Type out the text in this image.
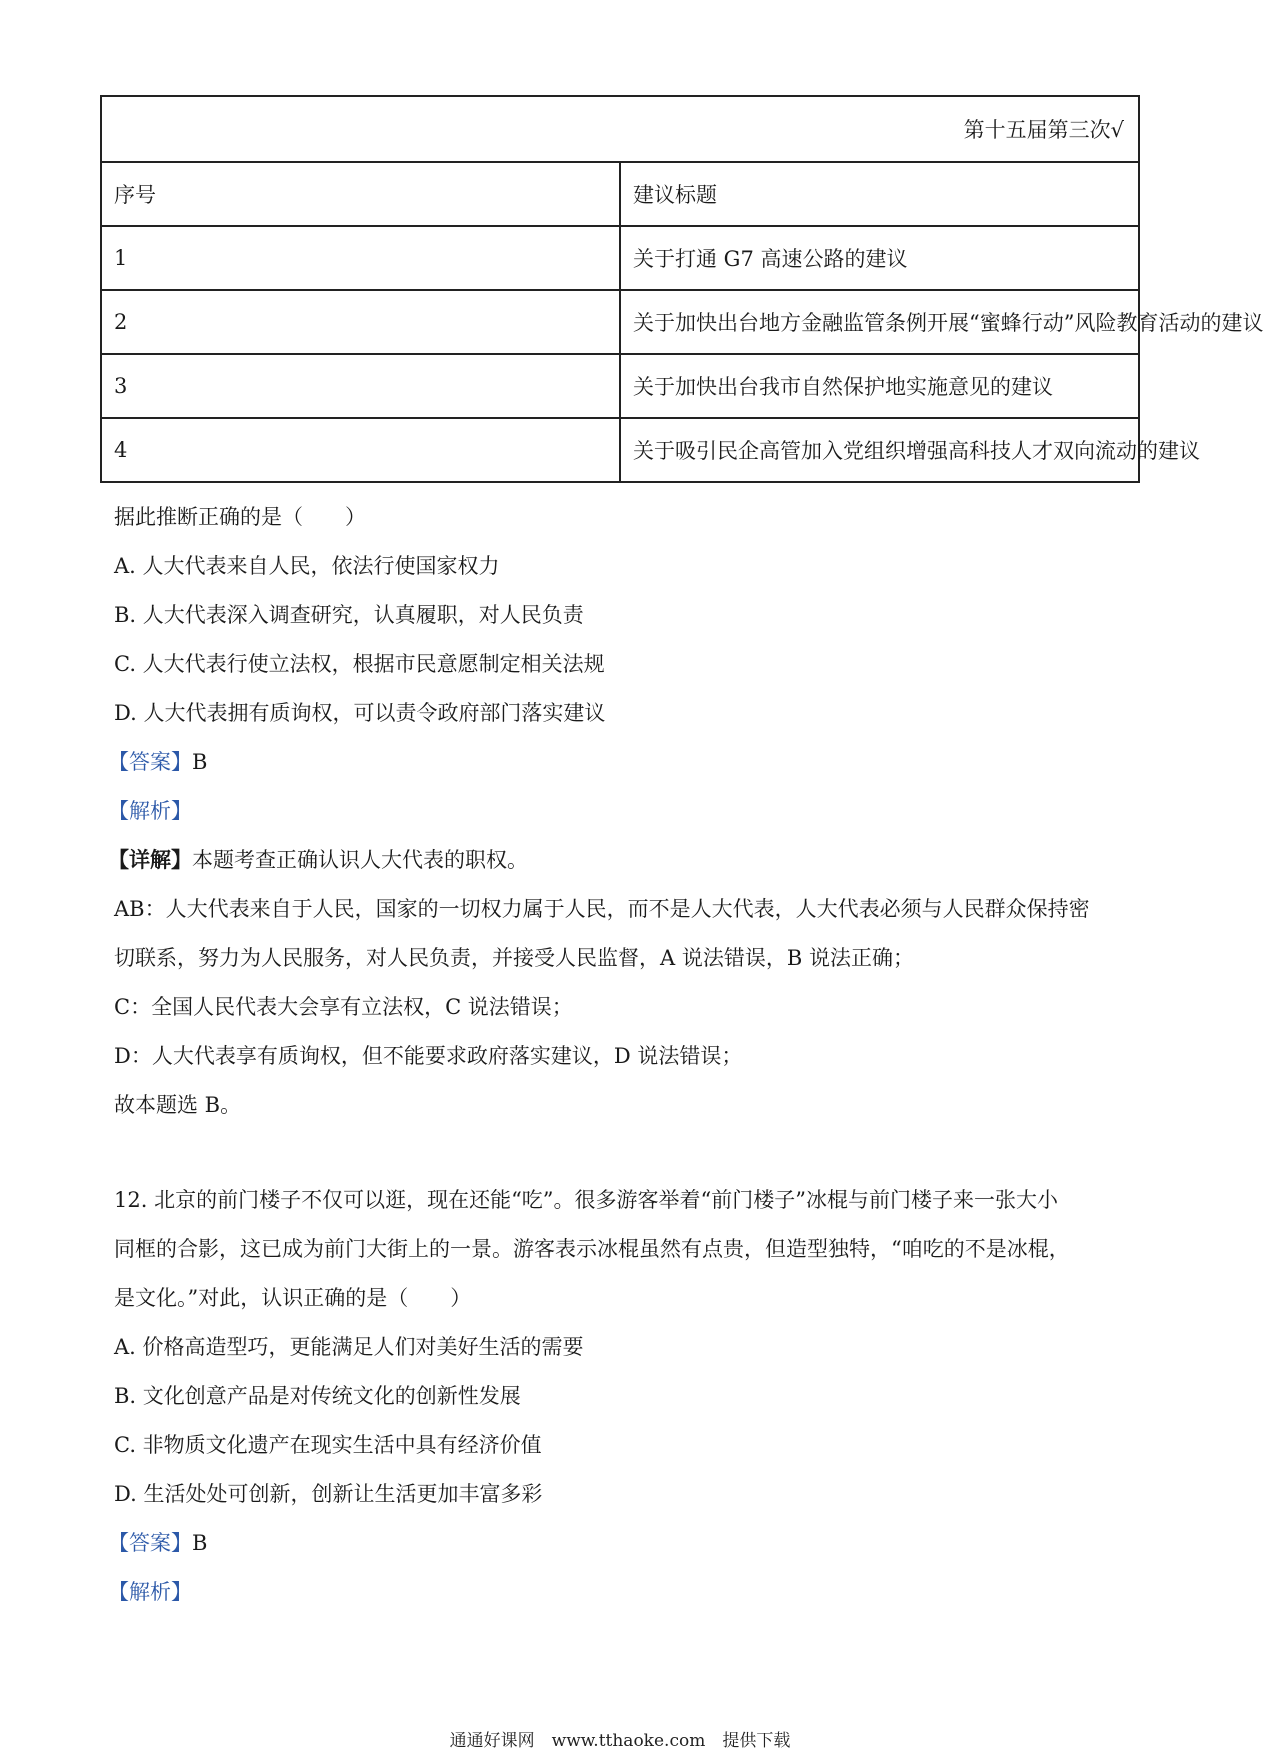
第十五届第三次√	
序号	建议标题
1	关于打通 G7 高速公路的建议
2	关于加快出台地方金融监管条例开展“蜜蜂行动”风险教育活动的建议
3	关于加快出台我市自然保护地实施意见的建议
4	关于吸引民企高管加入党组织增强高科技人才双向流动的建议
据此推断正确的是（　　）
A. 人大代表来自人民，依法行使国家权力
B. 人大代表深入调查研究，认真履职，对人民负责
C. 人大代表行使立法权，根据市民意愿制定相关法规
D. 人大代表拥有质询权，可以责令政府部门落实建议
【答案】B
【解析】
【详解】本题考查正确认识人大代表的职权。
AB：人大代表来自于人民，国家的一切权力属于人民，而不是人大代表，人大代表必须与人民群众保持密
切联系，努力为人民服务，对人民负责，并接受人民监督，A 说法错误，B 说法正确；
C：全国人民代表大会享有立法权，C 说法错误；
D：人大代表享有质询权，但不能要求政府落实建议，D 说法错误；
故本题选 B。
12. 北京的前门楼子不仅可以逛，现在还能“吃”。很多游客举着“前门楼子”冰棍与前门楼子来一张大小
同框的合影，这已成为前门大街上的一景。游客表示冰棍虽然有点贵，但造型独特，“咱吃的不是冰棍，
是文化。”对此，认识正确的是（　　）
A. 价格高造型巧，更能满足人们对美好生活的需要
B. 文化创意产品是对传统文化的创新性发展
C. 非物质文化遗产在现实生活中具有经济价值
D. 生活处处可创新，创新让生活更加丰富多彩
【答案】B
【解析】
通通好课网　www.tthaoke.com　提供下载
